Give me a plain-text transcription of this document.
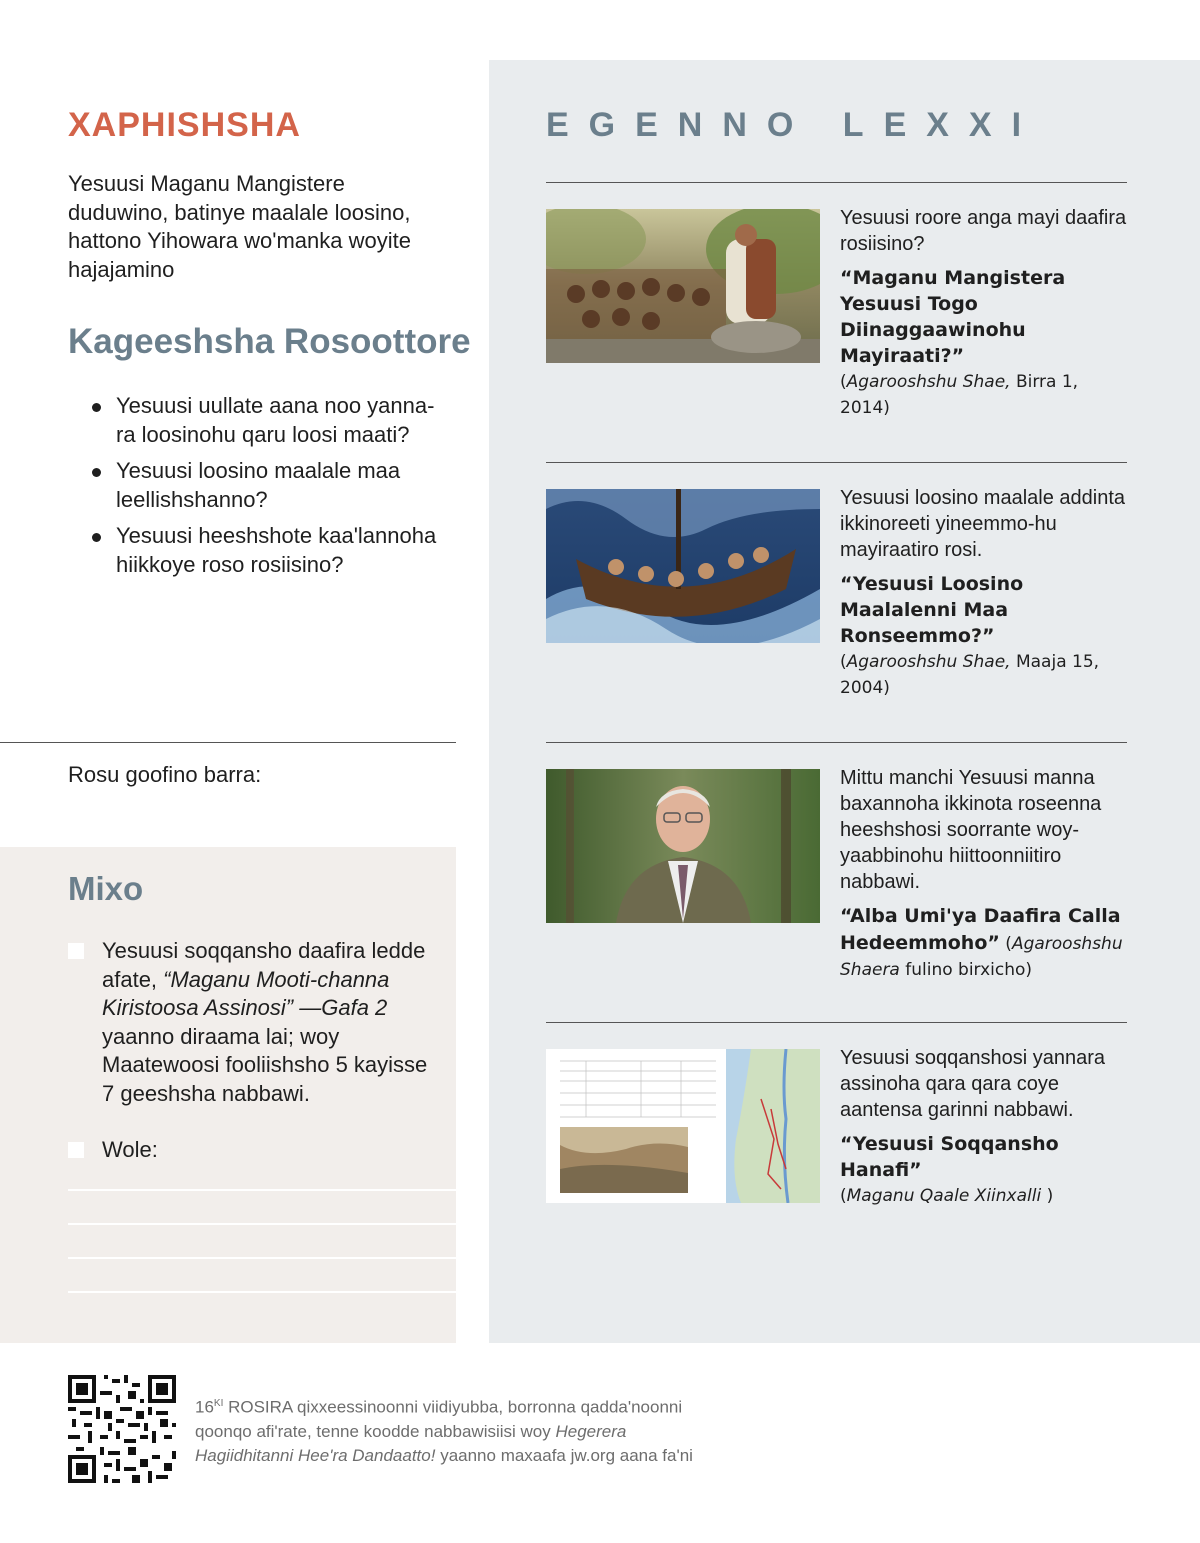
XAPHISHSHA

Yesuusi Maganu Mangistere duduwino, batinye maalale loosino, hattono Yihowara wo'manka woyite hajajamino

Kageeshsha Rosoottore
Yesuusi uullate aana noo yanna-ra loosinohu qaru loosi maati?
Yesuusi loosino maalale maa leellishshanno?
Yesuusi heeshshote kaa'lannoha hiikkoye roso rosiisino?

Rosu goofino barra:

Mixo

Yesuusi soqqansho daafira ledde afate, “Maganu Mooti-channa Kiristoosa Assinosi” —Gafa 2 yaanno diraama lai; woy Maatewoosi fooliishsho 5 kayisse 7 geeshsha nabbawi.

Wole:

EGENNO LEXXI

Yesuusi roore anga mayi daafira rosiisino?

“Maganu Mangistera Yesuusi Togo Diinaggaawinohu Mayiraati?”

(Agarooshshu Shae, Birra 1, 2014)

Yesuusi loosino maalale addinta ikkinoreeti yineemmo-hu mayiraatiro rosi.

“Yesuusi Loosino Maalalenni Maa Ronseemmo?”

(Agarooshshu Shae, Maaja 15, 2004)

Mittu manchi Yesuusi manna baxannoha ikkinota roseenna heeshshosi soorrante woy-yaabbinohu hiittoonniitiro nabbawi.

“Alba Umi'ya Daafira Calla Hedeemmoho” (Agarooshshu Shaera fulino birxicho)

Yesuusi soqqanshosi yannara assinoha qara qara coye aantensa garinni nabbawi.

“Yesuusi Soqqansho Hanafi”

(Maganu Qaale Xiinxalli )

$16^{KI}$ ROSIRA qixxeessinoonni viidiyubba, borronna qadda'noonni qoonqo afi'rate, tenne koodde nabbawisiisi woy Hegerera Hagiidhitanni Hee'ra Dandaatto! yaanno maxaafa jw.org aana fa'ni
